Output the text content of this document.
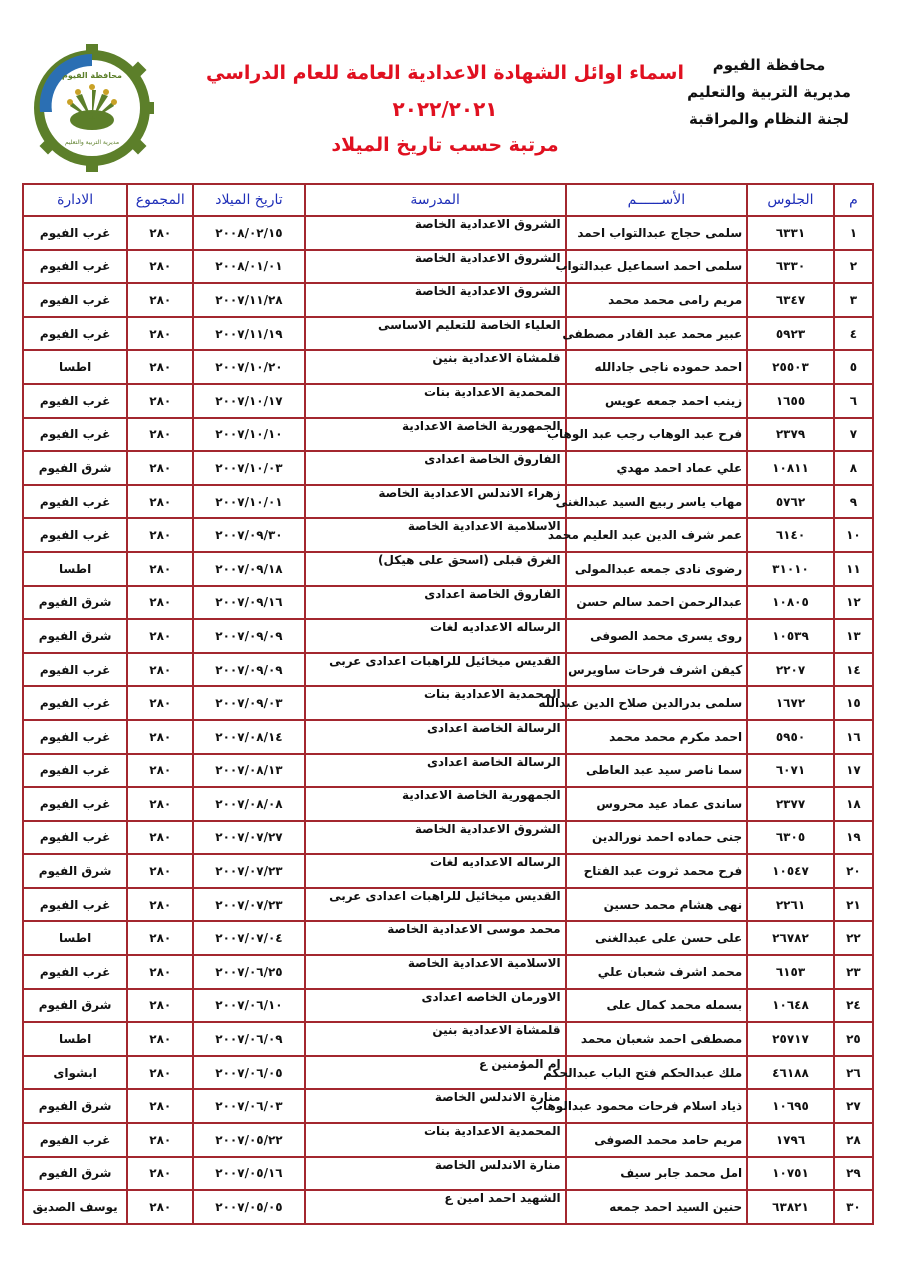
محافظة الفيوم
مديرية التربية والتعليم

اسماء اوائل الشهادة الاعدادية العامة للعام الدراسي

٢٠٢٢/٢٠٢١

مرتبة حسب تاريخ الميلاد

محافظة الفيوم

مديرية التربية والتعليم

لجنة النظام والمراقبة

م	الجلوس	الأســــــم	المدرسة	تاريخ الميلاد	المجموع	الادارة
١	٦٣٣١	سلمى حجاج عبدالتواب احمد	الشروق الاعدادية الخاصة	٢٠٠٨/٠٢/١٥	٢٨٠	غرب الفيوم
٢	٦٣٣٠	سلمى احمد اسماعيل عبدالتواب	الشروق الاعدادية الخاصة	٢٠٠٨/٠١/٠١	٢٨٠	غرب الفيوم
٣	٦٣٤٧	مريم رامى محمد محمد	الشروق الاعدادية الخاصة	٢٠٠٧/١١/٢٨	٢٨٠	غرب الفيوم
٤	٥٩٢٣	عبير محمد عبد القادر مصطفى	العلياء الخاصة للتعليم الاساسى	٢٠٠٧/١١/١٩	٢٨٠	غرب الفيوم
٥	٢٥٥٠٣	احمد حموده ناجى جادالله	قلمشاة الاعدادية بنين	٢٠٠٧/١٠/٢٠	٢٨٠	اطسا
٦	١٦٥٥	زينب احمد جمعه عويس	المحمدية الاعدادية بنات	٢٠٠٧/١٠/١٧	٢٨٠	غرب الفيوم
٧	٢٣٧٩	فرح عبد الوهاب رجب عبد الوهاب	الجمهورية الخاصة الاعدادية	٢٠٠٧/١٠/١٠	٢٨٠	غرب الفيوم
٨	١٠٨١١	علي عماد احمد مهدي	الفاروق الخاصة اعدادى	٢٠٠٧/١٠/٠٣	٢٨٠	شرق الفيوم
٩	٥٧٦٢	مهاب ياسر ربيع السيد عبدالغنى	زهراء الاندلس الاعدادية الخاصة	٢٠٠٧/١٠/٠١	٢٨٠	غرب الفيوم
١٠	٦١٤٠	عمر شرف الدين عبد العليم محمد	الاسلامية الاعدادية الخاصة	٢٠٠٧/٠٩/٣٠	٢٨٠	غرب الفيوم
١١	٣١٠١٠	رضوى نادى جمعه عبدالمولى	الغرق قبلى (اسحق على هيكل)	٢٠٠٧/٠٩/١٨	٢٨٠	اطسا
١٢	١٠٨٠٥	عبدالرحمن احمد سالم حسن	الفاروق الخاصة اعدادى	٢٠٠٧/٠٩/١٦	٢٨٠	شرق الفيوم
١٣	١٠٥٣٩	روى يسرى محمد الصوفى	الرساله الاعداديه لغات	٢٠٠٧/٠٩/٠٩	٢٨٠	شرق الفيوم
١٤	٢٢٠٧	كيفن اشرف فرحات ساويرس	القديس ميخائيل للراهبات اعدادى عربى	٢٠٠٧/٠٩/٠٩	٢٨٠	غرب الفيوم
١٥	١٦٧٢	سلمى بدرالدين صلاح الدين عبدالله	المحمدية الاعدادية بنات	٢٠٠٧/٠٩/٠٣	٢٨٠	غرب الفيوم
١٦	٥٩٥٠	احمد مكرم محمد محمد	الرسالة الخاصة اعدادى	٢٠٠٧/٠٨/١٤	٢٨٠	غرب الفيوم
١٧	٦٠٧١	سما ناصر سيد عبد العاطى	الرسالة الخاصة اعدادى	٢٠٠٧/٠٨/١٣	٢٨٠	غرب الفيوم
١٨	٢٣٧٧	ساندى عماد عيد محروس	الجمهورية الخاصة الاعدادية	٢٠٠٧/٠٨/٠٨	٢٨٠	غرب الفيوم
١٩	٦٣٠٥	جنى حماده احمد نورالدين	الشروق الاعدادية الخاصة	٢٠٠٧/٠٧/٢٧	٢٨٠	غرب الفيوم
٢٠	١٠٥٤٧	فرح محمد ثروت عبد الفتاح	الرساله الاعداديه لغات	٢٠٠٧/٠٧/٢٣	٢٨٠	شرق الفيوم
٢١	٢٢٦١	نهى هشام محمد حسين	القديس ميخائيل للراهبات اعدادى عربى	٢٠٠٧/٠٧/٢٣	٢٨٠	غرب الفيوم
٢٢	٢٦٧٨٢	على حسن على عبدالغنى	محمد موسى الاعدادية الخاصة	٢٠٠٧/٠٧/٠٤	٢٨٠	اطسا
٢٣	٦١٥٣	محمد اشرف شعبان علي	الاسلامية الاعدادية الخاصة	٢٠٠٧/٠٦/٢٥	٢٨٠	غرب الفيوم
٢٤	١٠٦٤٨	بسمله محمد كمال على	الاورمان الخاصه اعدادى	٢٠٠٧/٠٦/١٠	٢٨٠	شرق الفيوم
٢٥	٢٥٧١٧	مصطفى احمد شعبان محمد	قلمشاة الاعدادية بنين	٢٠٠٧/٠٦/٠٩	٢٨٠	اطسا
٢٦	٤٦١٨٨	ملك عبدالحكم فتح الباب عبدالحكم	ام المؤمنين ع	٢٠٠٧/٠٦/٠٥	٢٨٠	ابشواى
٢٧	١٠٦٩٥	ذياد اسلام فرحات محمود عبدالوهاب	منارة الاندلس الخاصة	٢٠٠٧/٠٦/٠٣	٢٨٠	شرق الفيوم
٢٨	١٧٩٦	مريم حامد محمد الصوفى	المحمدية الاعدادية بنات	٢٠٠٧/٠٥/٢٢	٢٨٠	غرب الفيوم
٢٩	١٠٧٥١	امل محمد جابر سيف	منارة الاندلس الخاصة	٢٠٠٧/٠٥/١٦	٢٨٠	شرق الفيوم
٣٠	٦٣٨٢١	حنين السيد احمد جمعه	الشهيد احمد امين ع	٢٠٠٧/٠٥/٠٥	٢٨٠	يوسف الصديق
